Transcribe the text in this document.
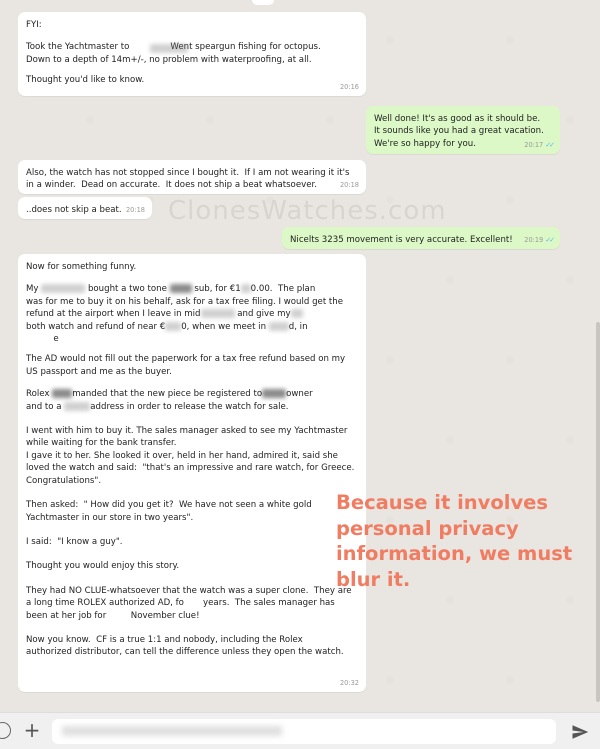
ClonesWatches.com

FYI:

Took the Yachtmaster to               Went speargun fishing for octopus.
Down to a depth of 14m+/-, no problem with waterproofing, at all.

Thought you'd like to know.

20:16

Well done! It's as good as it should be.
It sounds like you had a great vacation.
We're so happy for you.	20:17 ✓✓

Also, the watch has not stopped since I bought it.  If I am not wearing it it's
in a winder.  Dead on accurate.  It does not ship a beat whatsoever.	20:18

..does not skip a beat. 20:18

Nicelts 3235 movement is very accurate. Excellent!	20:19 ✓✓

Now for something funny.

My	bought a two tone	sub, for €1 0.00.  The plan
was for me to buy it on his behalf, ask for a tax free filing. I would get the
refund at the airport when I leave in mid	and give my
both watch and refund of near € 0, when we meet in d, in
e

The AD would not fill out the paperwork for a tax free refund based on my
US passport and me as the buyer.

Rolex manded that the new piece be registered to	owner
and to a	address in order to release the watch for sale.

I went with him to buy it. The sales manager asked to see my Yachtmaster
while waiting for the bank transfer.
I gave it to her. She looked it over, held in her hand, admired it, said she
loved the watch and said:  "that's an impressive and rare watch, for Greece.
Congratulations".

Then asked:  " How did you get it?  We have not seen a white gold
Yachtmaster in our store in two years".

I said:  "I know a guy".

Thought you would enjoy this story.

They had NO CLUE-whatsoever that the watch was a super clone.  They are
a long time ROLEX authorized AD, fo       years.  The sales manager has
been at her job for         November clue!

Now you know.  CF is a true 1:1 and nobody, including the Rolex
authorized distributor, can tell the difference unless they open the watch.

20:32
Because it involves personal privacy information, we must blur it.
+
